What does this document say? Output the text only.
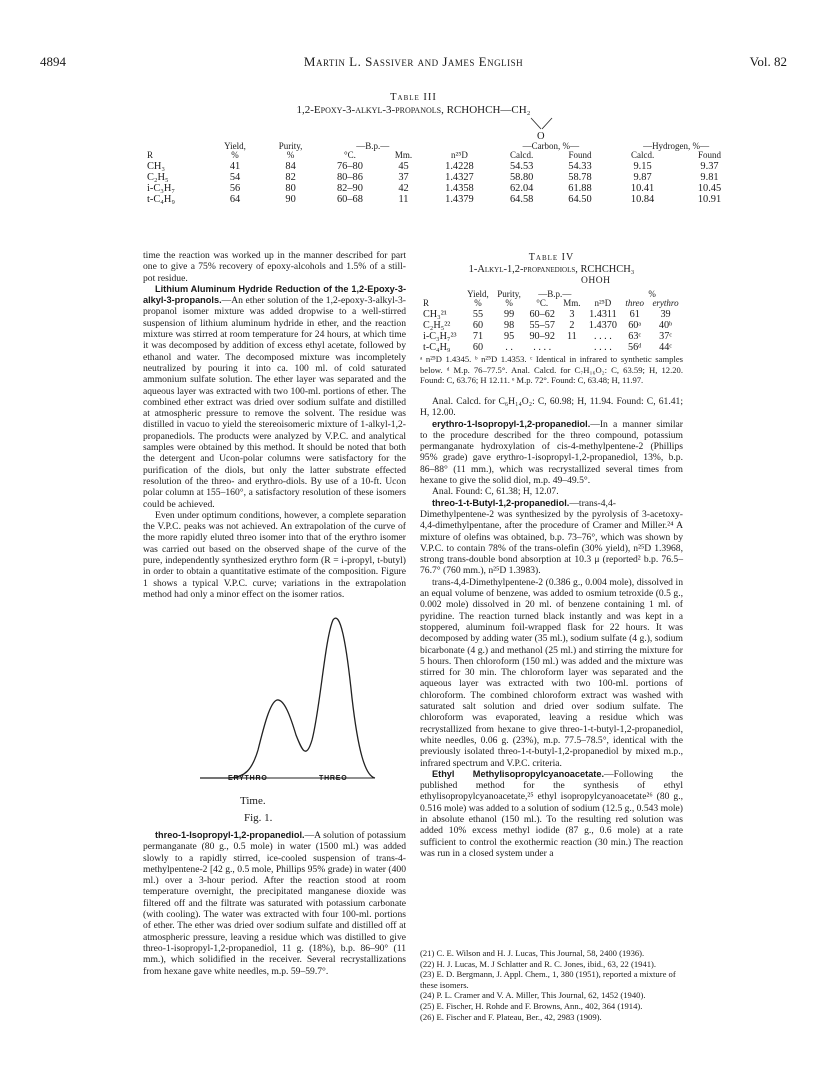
4894	Martin L. Sassiver and James English	Vol. 82
Table III
1,2-Epoxy-3-alkyl-3-propanols, RCHOHCH—CH₂
O
	Yield,	Purity,	—B.p.—			—Carbon, %—		—Hydrogen, %—	
R	%	%	°C.	Mm.	n²⁵D	Calcd.	Found	Calcd.	Found
CH₃	41	84	76–80	45	1.4228	54.53	54.33	9.15	9.37
C₂H₅	54	82	80–86	37	1.4327	58.80	58.78	9.87	9.81
i-C₃H₇	56	80	82–90	42	1.4358	62.04	61.88	10.41	10.45
t-C₄H₉	64	90	60–68	11	1.4379	64.58	64.50	10.84	10.91

time the reaction was worked up in the manner described for part one to give a 75% recovery of epoxy-alcohols and 1.5% of a still-pot residue.

Lithium Aluminum Hydride Reduction of the 1,2-Epoxy-3-alkyl-3-propanols.—An ether solution of the 1,2-epoxy-3-alkyl-3-propanol isomer mixture was added dropwise to a well-stirred suspension of lithium aluminum hydride in ether, and the reaction mixture was stirred at room temperature for 24 hours, at which time it was decomposed by addition of excess ethyl acetate, followed by ethanol and water. The decomposed mixture was incompletely neutralized by pouring it into ca. 100 ml. of cold saturated ammonium sulfate solution. The ether layer was separated and the aqueous layer was extracted with two 100-ml. portions of ether. The combined ether extract was dried over sodium sulfate and distilled at atmospheric pressure to remove the solvent. The residue was distilled in vacuo to yield the stereoisomeric mixture of 1-alkyl-1,2-propanediols. The products were analyzed by V.P.C. and analytical samples were obtained by this method. It should be noted that both the detergent and Ucon-polar columns were satisfactory for the purification of the diols, but only the latter substrate effected resolution of the threo- and erythro-diols. By use of a 10-ft. Ucon polar column at 155–160°, a satisfactory resolution of these isomers could be achieved.

Even under optimum conditions, however, a complete separation the V.P.C. peaks was not achieved. An extrapolation of the curve of the more rapidly eluted threo isomer into that of the erythro isomer was carried out based on the observed shape of the curve of the pure, independently synthesized erythro form (R = i-propyl, t-butyl) in order to obtain a quantitative estimate of the composition. Figure 1 shows a typical V.P.C. curve; variations in the extrapolation method had only a minor effect on the isomer ratios.

ERYTHRO	THREO
Time.
Fig. 1.

threo-1-Isopropyl-1,2-propanediol.—A solution of potassium permanganate (80 g., 0.5 mole) in water (1500 ml.) was added slowly to a rapidly stirred, ice-cooled suspension of trans-4-methylpentene-2 [42 g., 0.5 mole, Phillips 95% grade) in water (400 ml.) over a 3-hour period. After the reaction stood at room temperature overnight, the precipitated manganese dioxide was filtered off and the filtrate was saturated with potassium carbonate (with cooling). The water was extracted with four 100-ml. portions of ether. The ether was dried over sodium sulfate and distilled off at atmospheric pressure, leaving a residue which was distilled to give threo-1-isopropyl-1,2-propanediol, 11 g. (18%), b.p. 86–90° (11 mm.), which solidified in the receiver. Several recrystallizations from hexane gave white needles, m.p. 59–59.7°.

Table IV
1-Alkyl-1,2-propanediols, RCHCHCH₃
OHOH
	Yield,	Purity,	—B.p.—			%	
R	%	%	°C.	Mm.	n²⁵D	threo	erythro
CH₃²¹	55	99	60–62	3	1.4311	61	39
C₂H₅²²	60	98	55–57	2	1.4370	60ᵃ	40ᵇ
i-C₃H₇²³	71	95	90–92	11	. . . .	63ᶜ	37ᶜ
t-C₄H₉	60	. .	. . . .		. . . .	56ᵈ	44ᶜ
ᵃ n²⁵D 1.4345. ᵇ n²⁵D 1.4353. ᶜ Identical in infrared to synthetic samples below. ᵈ M.p. 76–77.5°. Anal. Calcd. for C₇H₁₆O₂: C, 63.59; H, 12.20. Found: C, 63.76; H 12.11. ᵉ M.p. 72°. Found: C, 63.48; H, 11.97.

Anal. Calcd. for C₆H₁₄O₂: C, 60.98; H, 11.94. Found: C, 61.41; H, 12.00.

erythro-1-Isopropyl-1,2-propanediol.—In a manner similar to the procedure described for the threo compound, potassium permanganate hydroxylation of cis-4-methylpentene-2 (Phillips 95% grade) gave erythro-1-isopropyl-1,2-propanediol, 13%, b.p. 86–88° (11 mm.), which was recrystallized several times from hexane to give the solid diol, m.p. 49–49.5°.

Anal. Found: C, 61.38; H, 12.07.

threo-1-t-Butyl-1,2-propanediol.—trans-4,4-Dimethylpentene-2 was synthesized by the pyrolysis of 3-acetoxy-4,4-dimethylpentane, after the procedure of Cramer and Miller.²⁴ A mixture of olefins was obtained, b.p. 73–76°, which was shown by V.P.C. to contain 78% of the trans-olefin (30% yield), n²⁵D 1.3968, strong trans-double bond absorption at 10.3 μ (reported² b.p. 76.5–76.7° (760 mm.), n²⁵D 1.3983).

trans-4,4-Dimethylpentene-2 (0.386 g., 0.004 mole), dissolved in an equal volume of benzene, was added to osmium tetroxide (0.5 g., 0.002 mole) dissolved in 20 ml. of benzene containing 1 ml. of pyridine. The reaction turned black instantly and was kept in a stoppered, aluminum foil-wrapped flask for 22 hours. It was decomposed by adding water (35 ml.), sodium sulfate (4 g.), sodium bicarbonate (4 g.) and methanol (25 ml.) and stirring the mixture for 5 hours. Then chloroform (150 ml.) was added and the mixture was stirred for 30 min. The chloroform layer was separated and the aqueous layer was extracted with two 100-ml. portions of chloroform. The combined chloroform extract was washed with saturated salt solution and dried over sodium sulfate. The chloroform was evaporated, leaving a residue which was recrystallized from hexane to give threo-1-t-butyl-1,2-propanediol, white needles, 0.06 g. (23%), m.p. 77.5–78.5°, identical with the previously isolated threo-1-t-butyl-1,2-propanediol by mixed m.p., infrared spectrum and V.P.C. criteria.

Ethyl Methylisopropylcyanoacetate.—Following the published method for the synthesis of ethyl ethylisopropylcyanoacetate,²⁵ ethyl isopropylcyanoacetate²⁶ (80 g., 0.516 mole) was added to a solution of sodium (12.5 g., 0.543 mole) in absolute ethanol (150 ml.). To the resulting red solution was added 10% excess methyl iodide (87 g., 0.6 mole) at a rate sufficient to control the exothermic reaction (30 min.) The reaction was run in a closed system under a

(21) C. E. Wilson and H. J. Lucas, This Journal, 58, 2400 (1936).
(22) H. J. Lucas, M. J Schlatter and R. C. Jones, ibid., 63, 22 (1941).
(23) E. D. Bergmann, J. Appl. Chem., 1, 380 (1951), reported a mixture of these isomers.
(24) P. L. Cramer and V. A. Miller, This Journal, 62, 1452 (1940).
(25) E. Fischer, H. Rohde and F. Browns, Ann., 402, 364 (1914).
(26) E. Fischer and F. Plateau, Ber., 42, 2983 (1909).
